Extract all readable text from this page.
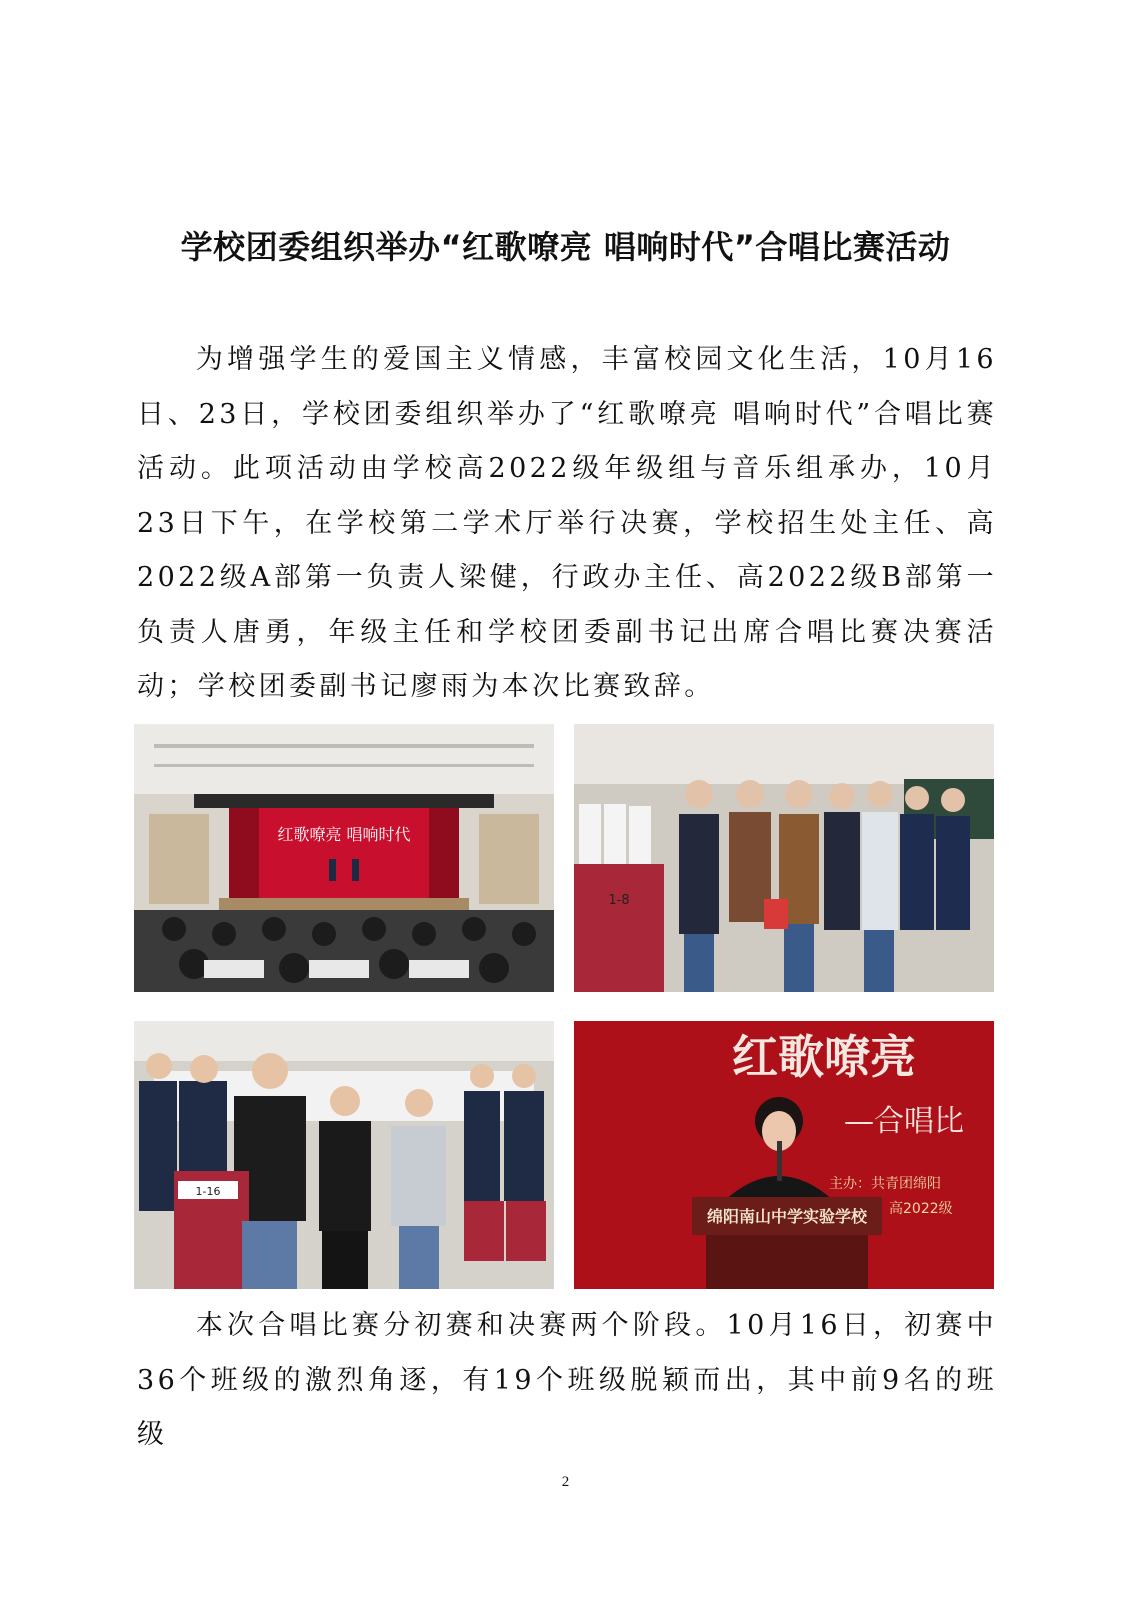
学校团委组织举办“红歌嘹亮 唱响时代”合唱比赛活动
为增强学生的爱国主义情感，丰富校园文化生活，10月16日、23日，学校团委组织举办了“红歌嘹亮 唱响时代”合唱比赛活动。此项活动由学校高2022级年级组与音乐组承办，10月23日下午，在学校第二学术厅举行决赛，学校招生处主任、高2022级A部第一负责人梁健，行政办主任、高2022级B部第一负责人唐勇，年级主任和学校团委副书记出席合唱比赛决赛活动；学校团委副书记廖雨为本次比赛致辞。
红歌嘹亮 唱响时代
1-8
1-16
红歌嘹亮
—合唱比
主办：共青团绵阳
高2022级
绵阳南山中学实验学校
本次合唱比赛分初赛和决赛两个阶段。10月16日，初赛中36个班级的激烈角逐，有19个班级脱颖而出，其中前9名的班级
2
